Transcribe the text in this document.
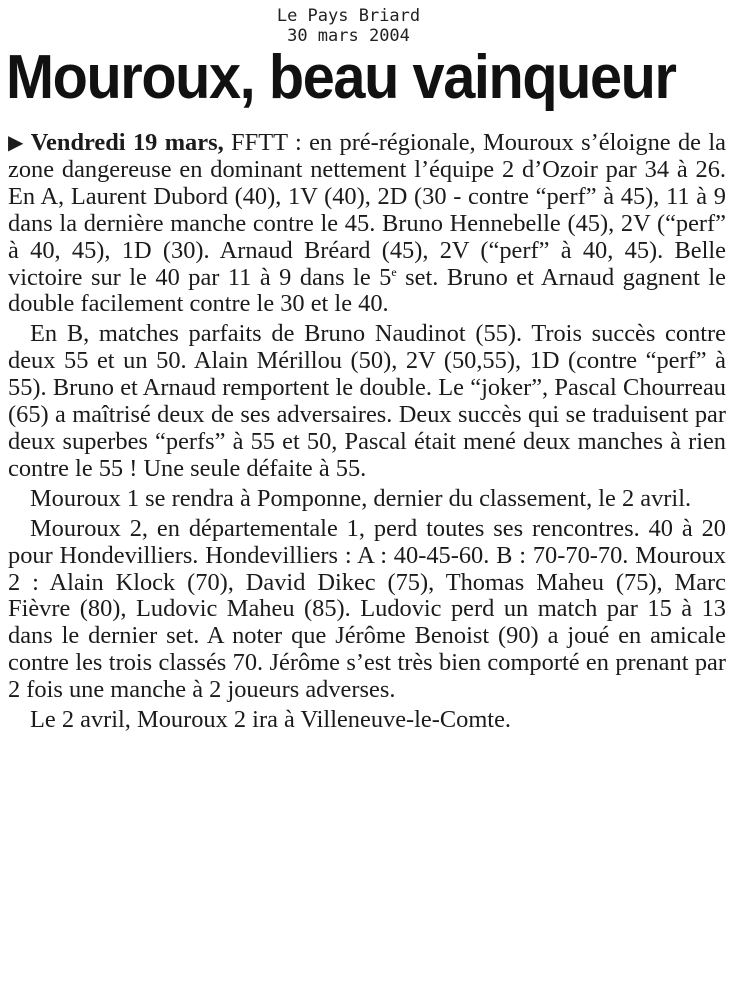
Le Pays Briard
30 mars 2004
Mouroux, beau vainqueur

▶ Vendredi 19 mars, FFTT : en pré-régionale, Mouroux s’éloigne de la zone dangereuse en dominant nettement l’équipe 2 d’Ozoir par 34 à 26. En A, Laurent Dubord (40), 1V (40), 2D (30 - contre “perf” à 45), 11 à 9 dans la dernière manche contre le 45. Bruno Hennebelle (45), 2V (“perf” à 40, 45), 1D (30). Arnaud Bréard (45), 2V (“perf” à 40, 45). Belle victoire sur le 40 par 11 à 9 dans le 5e set. Bruno et Arnaud gagnent le double facilement contre le 30 et le 40.

En B, matches parfaits de Bruno Naudinot (55). Trois succès contre deux 55 et un 50. Alain Mérillou (50), 2V (50,55), 1D (contre “perf” à 55). Bruno et Arnaud remportent le double. Le “joker”, Pascal Chourreau (65) a maîtrisé deux de ses adversaires. Deux succès qui se traduisent par deux superbes “perfs” à 55 et 50, Pascal était mené deux manches à rien contre le 55 ! Une seule défaite à 55.

Mouroux 1 se rendra à Pomponne, dernier du classement, le 2 avril.

Mouroux 2, en départementale 1, perd toutes ses rencontres. 40 à 20 pour Hondevilliers. Hondevilliers : A : 40-45-60. B : 70-70-70. Mouroux 2 : Alain Klock (70), David Dikec (75), Thomas Maheu (75), Marc Fièvre (80), Ludovic Maheu (85). Ludovic perd un match par 15 à 13 dans le dernier set. A noter que Jérôme Benoist (90) a joué en amicale contre les trois classés 70. Jérôme s’est très bien comporté en prenant par 2 fois une manche à 2 joueurs adverses.

Le 2 avril, Mouroux 2 ira à Villeneuve-le-Comte.
